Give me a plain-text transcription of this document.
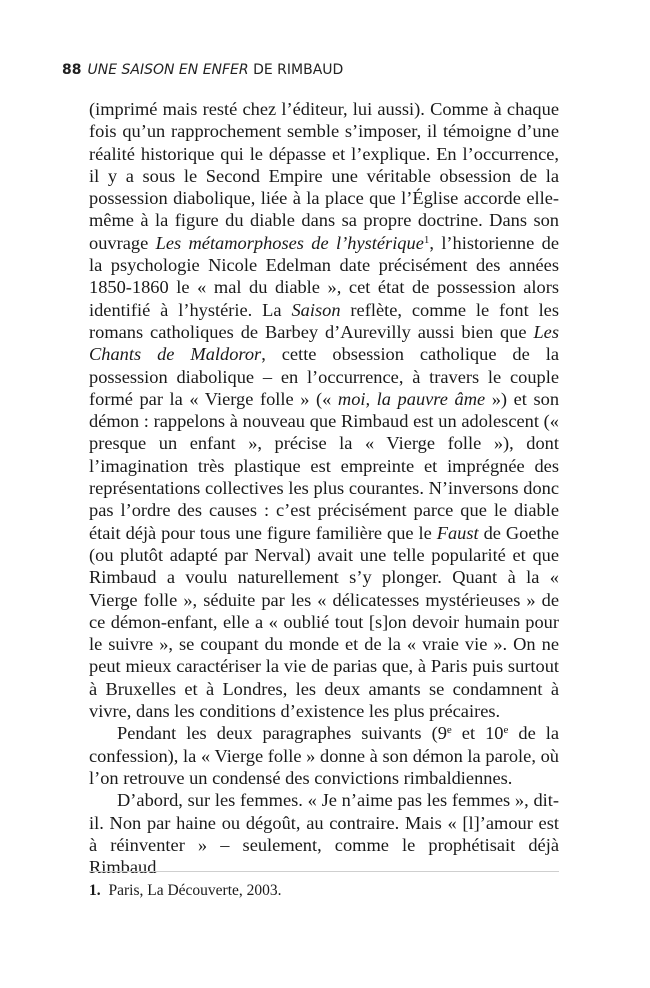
88 UNE SAISON EN ENFER DE RIMBAUD

(imprimé mais resté chez l’éditeur, lui aussi). Comme à chaque fois qu’un rapprochement semble s’imposer, il témoigne d’une réalité historique qui le dépasse et l’explique. En l’occurrence, il y a sous le Second Empire une véritable obsession de la possession diabolique, liée à la place que l’Église accorde elle-même à la figure du diable dans sa propre doctrine. Dans son ouvrage Les métamorphoses de l’hystérique$^1$, l’historienne de la psychologie Nicole Edelman date précisément des années 1850-1860 le « mal du diable », cet état de possession alors identifié à l’hystérie. La Saison reflète, comme le font les romans catholiques de Barbey d’Aurevilly aussi bien que Les Chants de Maldoror, cette obsession catholique de la possession diabolique – en l’occurrence, à travers le couple formé par la « Vierge folle » (« moi, la pauvre âme ») et son démon : rappelons à nouveau que Rimbaud est un adolescent (« presque un enfant », précise la « Vierge folle »), dont l’imagination très plastique est empreinte et imprégnée des représentations collectives les plus courantes. N’inversons donc pas l’ordre des causes : c’est précisément parce que le diable était déjà pour tous une figure familière que le Faust de Goethe (ou plutôt adapté par Nerval) avait une telle popularité et que Rimbaud a voulu naturellement s’y plonger. Quant à la « Vierge folle », séduite par les « délicatesses mystérieuses » de ce démon-enfant, elle a « oublié tout [s]on devoir humain pour le suivre », se coupant du monde et de la « vraie vie ». On ne peut mieux caractériser la vie de parias que, à Paris puis surtout à Bruxelles et à Londres, les deux amants se condamnent à vivre, dans les conditions d’existence les plus précaires.

Pendant les deux paragraphes suivants (9e et 10e de la confession), la « Vierge folle » donne à son démon la parole, où l’on retrouve un condensé des convictions rimbaldiennes.

D’abord, sur les femmes. « Je n’aime pas les femmes », dit-il. Non par haine ou dégoût, au contraire. Mais « [l]’amour est à réinventer » – seulement, comme le prophétisait déjà Rimbaud

1. Paris, La Découverte, 2003.
